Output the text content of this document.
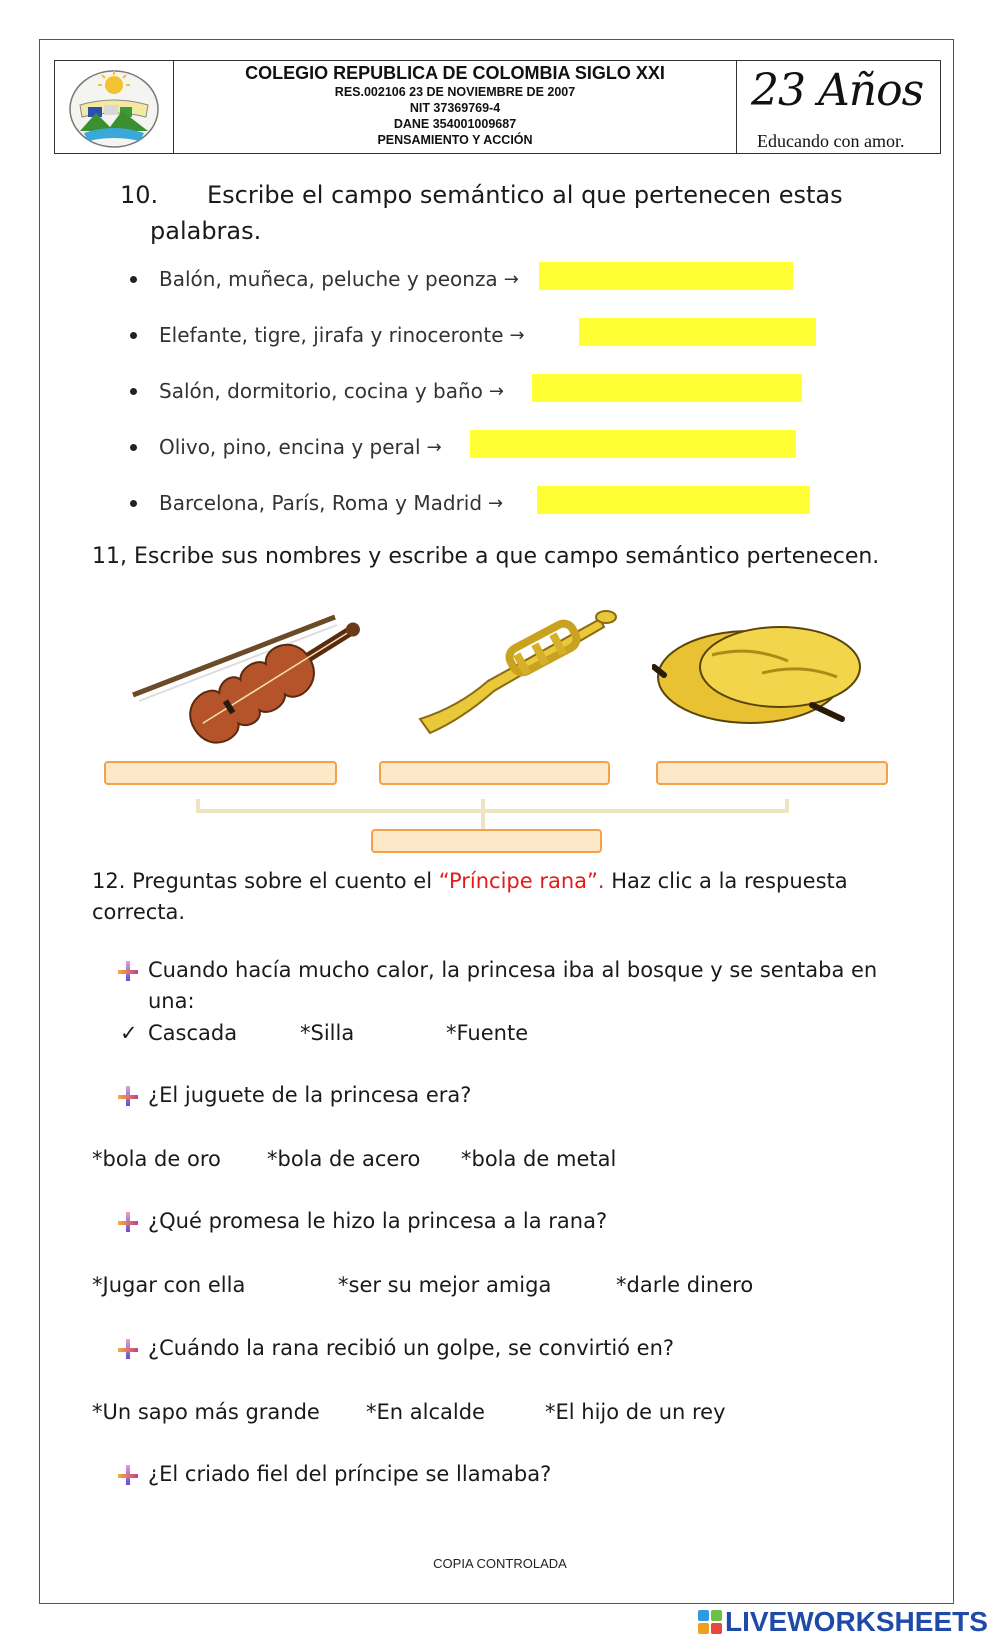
COLEGIO REPUBLICA DE COLOMBIA SIGLO XXI
RES.002106 23 DE NOVIEMBRE DE 2007
NIT 37369769-4
DANE 354001009687
PENSAMIENTO Y ACCIÓN
23 Años
Educando con amor.
10. Escribe el campo semántico al que pertenecen estas
palabras.
Balón, muñeca, peluche y peonza →
Elefante, tigre, jirafa y rinoceronte →
Salón, dormitorio, cocina y baño →
Olivo, pino, encina y peral →
Barcelona, París, Roma y Madrid →
11, Escribe sus nombres y escribe a que campo semántico pertenecen.
12. Preguntas sobre el cuento el “Príncipe rana”. Haz clic a la respuesta correcta.
Cuando hacía mucho calor, la princesa iba al bosque y se sentaba en
una:
✓ Cascada	*Silla	*Fuente
¿El juguete de la princesa era?
*bola de oro *bola de acero *bola de metal
¿Qué promesa le hizo la princesa a la rana?
*Jugar con ella	*ser su mejor amiga	*darle dinero
¿Cuándo la rana recibió un golpe, se convirtió en?
*Un sapo más grande *En alcalde	*El hijo de un rey
¿El criado fiel del príncipe se llamaba?
COPIA CONTROLADA
LIVEWORKSHEETS
